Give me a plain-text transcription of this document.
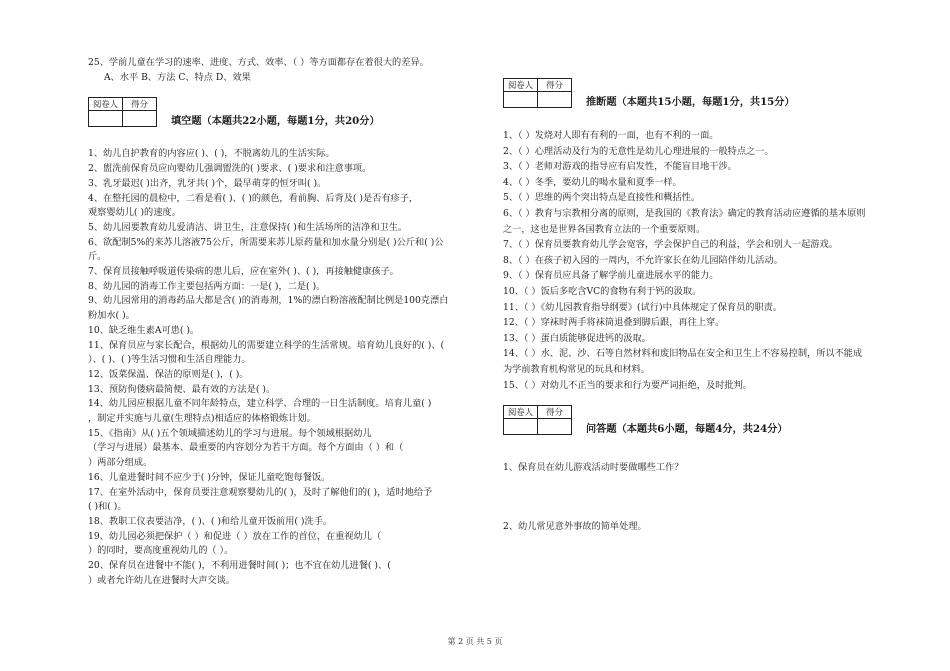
25、学前儿童在学习的速率、进度、方式、效率、（ ）等方面都存在着很大的差异。
A、水平 B、方法 C、特点 D、效果
阅卷人	得分

填空题（本题共22小题，每题1分，共20分）
1、幼儿自护教育的内容应( )、( )，不脱离幼儿的生活实际。
2、盥洗前保育员应向婴幼儿强调盥洗的( )要求、( )要求和注意事项。
3、乳牙最迟( )出齐，乳牙共( )个，最早萌芽的恒牙叫( )。
4、在整托园的晨检中，二看是看( )、( )的颜色，看前胸、后背及( )是否有疹子，
观察婴幼儿( )的速度。
5、幼儿园要教育幼儿爱清洁、讲卫生，注意保持( )和生活场所的洁净和卫生。
6、欲配制5%的来苏儿溶液75公斤，所需要来苏儿原药量和加水量分别是( )公斤和( )公
斤。
7、保育员接触呼吸道传染病的患儿后，应在室外( )、( )，再接触健康孩子。
8、幼儿园的消毒工作主要包括两方面：一是( )，二是( )。
9、幼儿园常用的消毒药品大都是含( )的消毒剂，1%的漂白粉溶液配制比例是100克漂白
粉加水( )。
10、缺乏维生素A可患( )。
11、保育员应与家长配合，根据幼儿的需要建立科学的生活常规。培育幼儿良好的( )、(
）、( )、( )等生活习惯和生活自理能力。
12、饭菜保温、保洁的原则是( )，( )。
13、预防佝偻病最简便、最有效的方法是( )。
14、幼儿园应根据儿童不同年龄特点，建立科学、合理的一日生活制度。培育儿童( )
，制定并实施与儿童(生理特点)相适应的体格锻炼计划。
15、《指南》从( )五个领域描述幼儿的学习与进展。每个领域根据幼儿
（学习与进展）最基本、最重要的内容划分为若干方面。每个方面由（ ）和（
）两部分组成。
16、儿童进餐时间不应少于( )分钟，保证儿童吃饱每餐饭。
17、在室外活动中，保育员要注意观察婴幼儿的( )，及时了解他们的( )，适时地给予
( )和( )。
18、教职工仪表要洁净，( )、( )和给儿童开饭前用( )洗手。
19、幼儿园必须把保护（ ）和促进（ ）放在工作的首位，在重视幼儿（
）的同时，要高度重视幼儿的（ ）。
20、保育员在进餐中不能( )，不利用进餐时间( )；也不宜在幼儿进餐( )、(
）或者允许幼儿在进餐时大声交谈。
阅卷人	得分

推断题（本题共15小题，每题1分，共15分）
1、（ ）发烧对人即有有利的一面，也有不利的一面。
2、（ ）心理活动及行为的无意性是幼儿心理进展的一般特点之一。
3、（ ）老师对游戏的指导应有启发性，不能盲目地干涉。
4、（ ）冬季，要幼儿的喝水量和夏季一样。
5、（ ）思维的两个突出特点是直接性和概括性。
6、（ ）教育与宗教相分离的原则，是我国的《教育法》确定的教育活动应遵循的基本原则
之一，这也是世界各国教育立法的一个重要原则。
7、（ ）保育员要教育幼儿学会宽容，学会保护自己的利益，学会和别人一起游戏。
8、（ ）在孩子初入园的一周内，不允许家长在幼儿园陪伴幼儿活动。
9、（ ）保育员应具备了解学前儿童进展水平的能力。
10、（ ）饭后多吃含VC的食物有利于钙的汲取。
11、（ ）《幼儿园教育指导纲要》(试行)中具体规定了保育员的职责。
12、（ ）穿袜时两手将袜筒退叠到脚后跟，再往上穿。
13、（ ）蛋白质能够促进钙的汲取。
14、（ ）水、泥、沙、石等自然材料和废旧物品在安全和卫生上不容易控制，所以不能成
为学前教育机构常见的玩具和材料。
15、（ ）对幼儿不正当的要求和行为要严词拒绝，及时批判。
阅卷人	得分

问答题（本题共6小题，每题4分，共24分）
1、保育员在幼儿游戏活动时要做哪些工作？
2、幼儿常见意外事故的简单处理。
第 2 页 共 5 页
